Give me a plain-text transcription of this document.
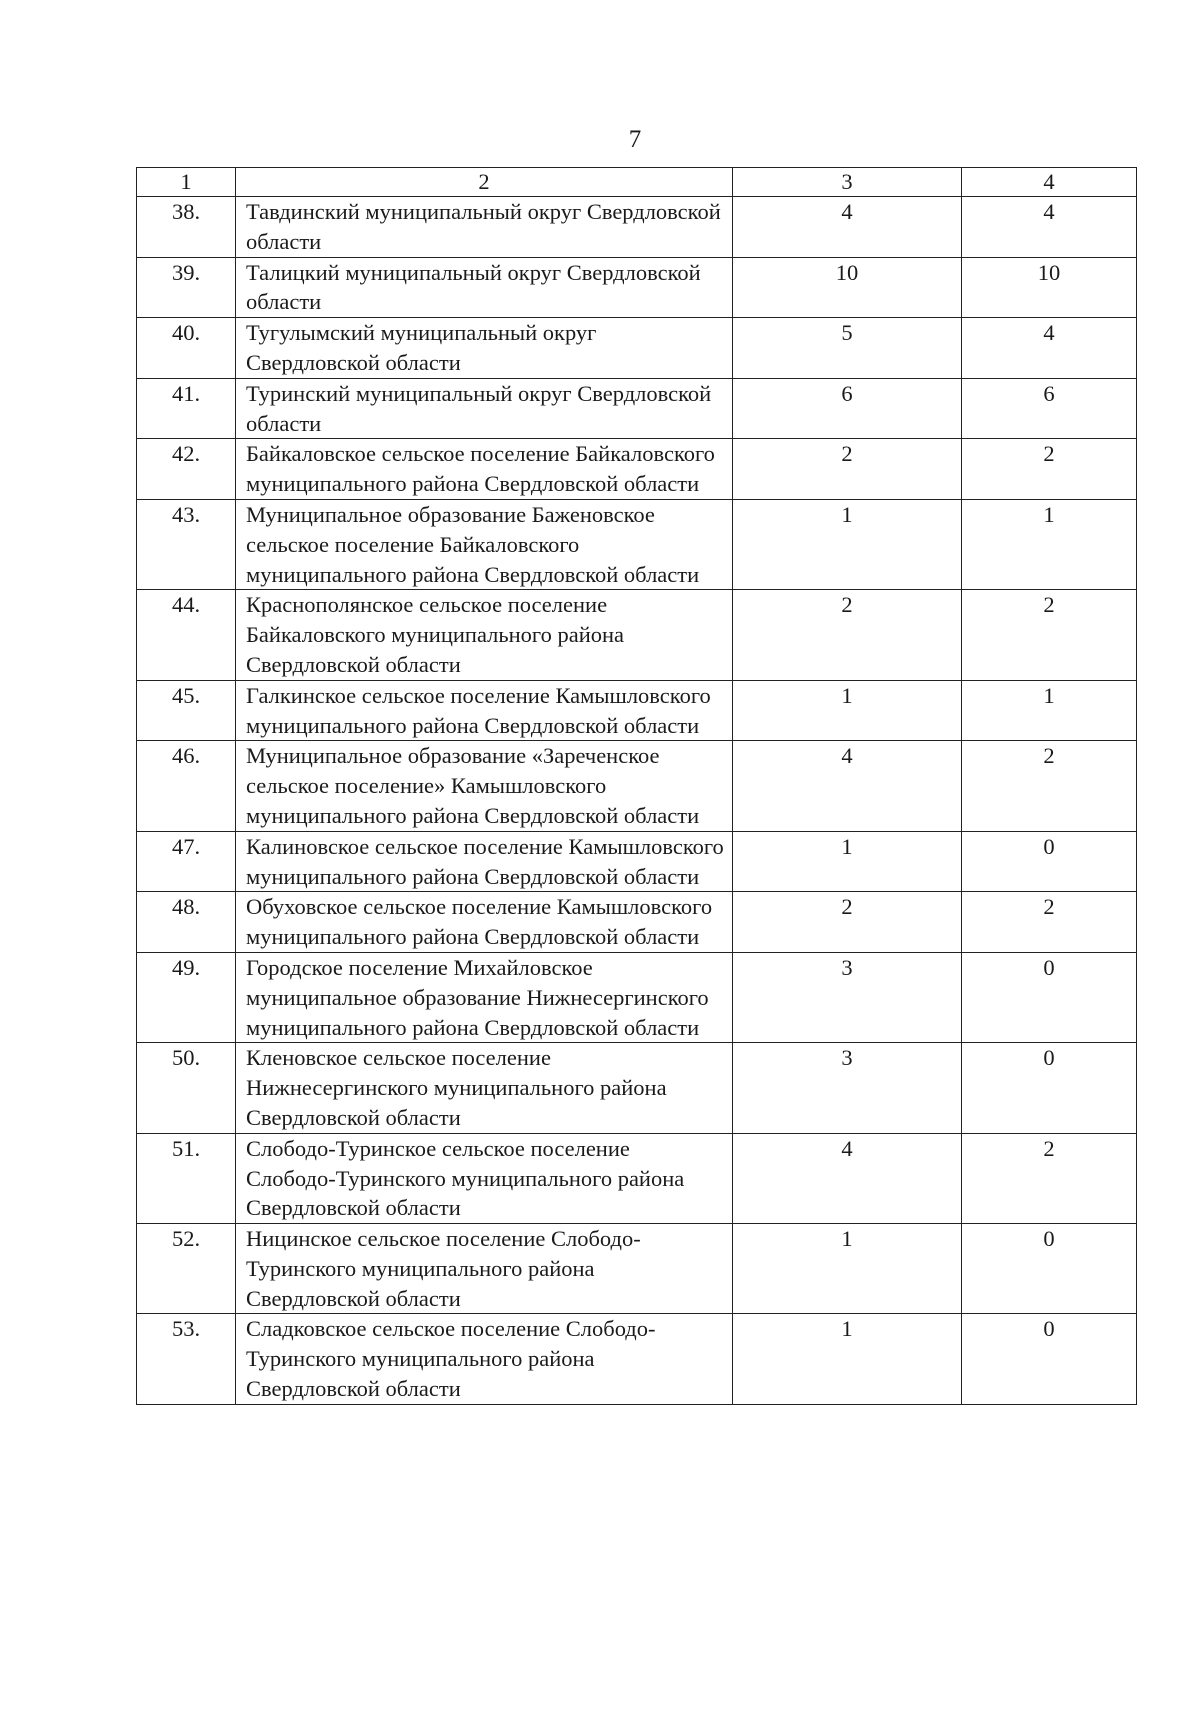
7
1	2	3	4
38.	Тавдинский муниципальный округ Свердловской области	4	4
39.	Талицкий муниципальный округ Свердловской области	10	10
40.	Тугулымский муниципальный округ Свердловской области	5	4
41.	Туринский муниципальный округ Свердловской области	6	6
42.	Байкаловское сельское поселение Байкаловского муниципального района Свердловской области	2	2
43.	Муниципальное образование Баженовское сельское поселение Байкаловского муниципального района Свердловской области	1	1
44.	Краснополянское сельское поселение Байкаловского муниципального района Свердловской области	2	2
45.	Галкинское сельское поселение Камышловского муниципального района Свердловской области	1	1
46.	Муниципальное образование «Зареченское сельское поселение» Камышловского муниципального района Свердловской области	4	2
47.	Калиновское сельское поселение Камышловского муниципального района Свердловской области	1	0
48.	Обуховское сельское поселение Камышловского муниципального района Свердловской области	2	2
49.	Городское поселение Михайловское муниципальное образование Нижнесергинского муниципального района Свердловской области	3	0
50.	Кленовское сельское поселение Нижнесергинского муниципального района Свердловской области	3	0
51.	Слободо-Туринское сельское поселение Слободо-Туринского муниципального района Свердловской области	4	2
52.	Ницинское сельское поселение Слободо-Туринского муниципального района Свердловской области	1	0
53.	Сладковское сельское поселение Слободо-Туринского муниципального района Свердловской области	1	0
